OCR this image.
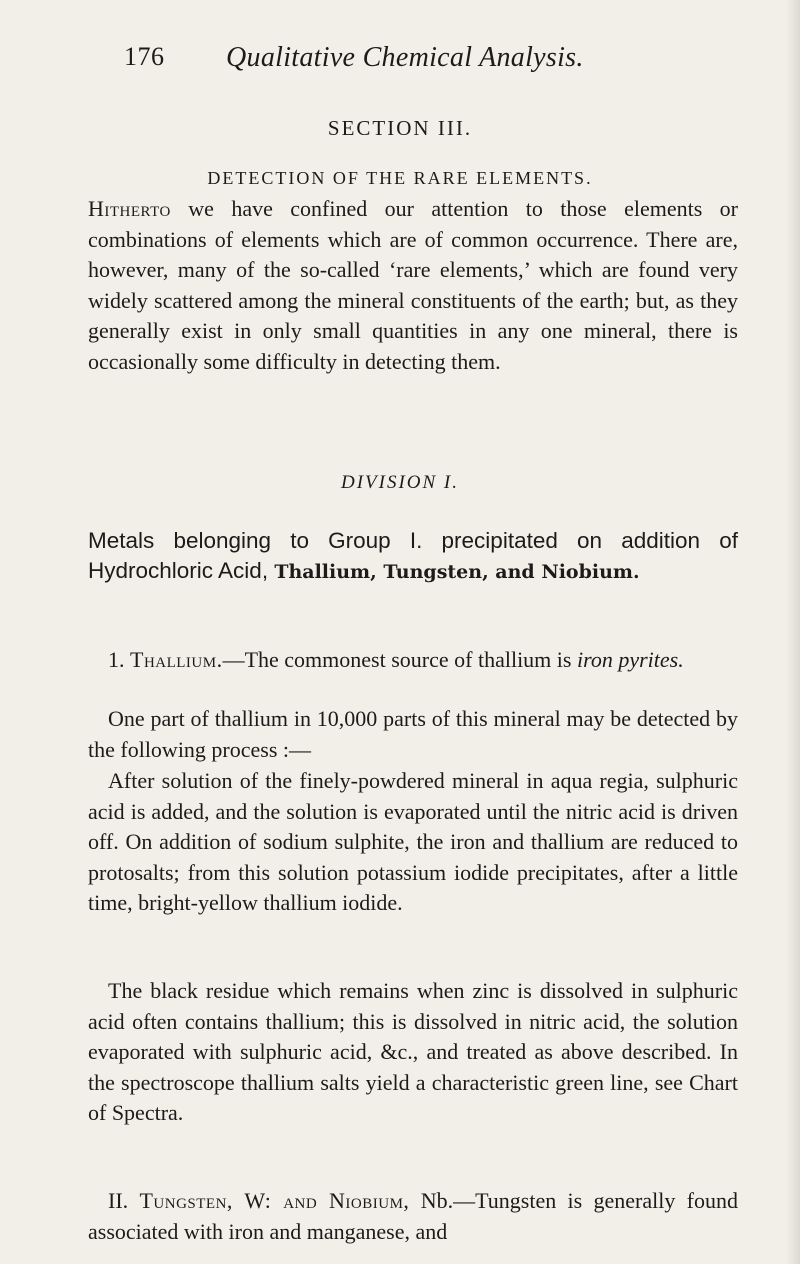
176 Qualitative Chemical Analysis.
SECTION III.
DETECTION OF THE RARE ELEMENTS.

Hitherto we have confined our attention to those elements or combinations of elements which are of common occurrence. There are, however, many of the so-called ‘rare elements,’ which are found very widely scattered among the mineral constituents of the earth; but, as they generally exist in only small quantities in any one mineral, there is occasionally some difficulty in detecting them.

DIVISION I.

Metals belonging to Group I. precipitated on addition of Hydrochloric Acid, Thallium, Tungsten, and Niobium.

1. Thallium.—The commonest source of thallium is iron pyrites.

One part of thallium in 10,000 parts of this mineral may be detected by the following process :—

After solution of the finely-powdered mineral in aqua regia, sulphuric acid is added, and the solution is evaporated until the nitric acid is driven off. On addition of sodium sulphite, the iron and thallium are reduced to protosalts; from this solution potassium iodide precipitates, after a little time, bright-yellow thallium iodide.

The black residue which remains when zinc is dissolved in sulphuric acid often contains thallium; this is dissolved in nitric acid, the solution evaporated with sulphuric acid, &c., and treated as above described. In the spectroscope thallium salts yield a characteristic green line, see Chart of Spectra.

II. Tungsten, W: and Niobium, Nb.—Tungsten is generally found associated with iron and manganese, and
